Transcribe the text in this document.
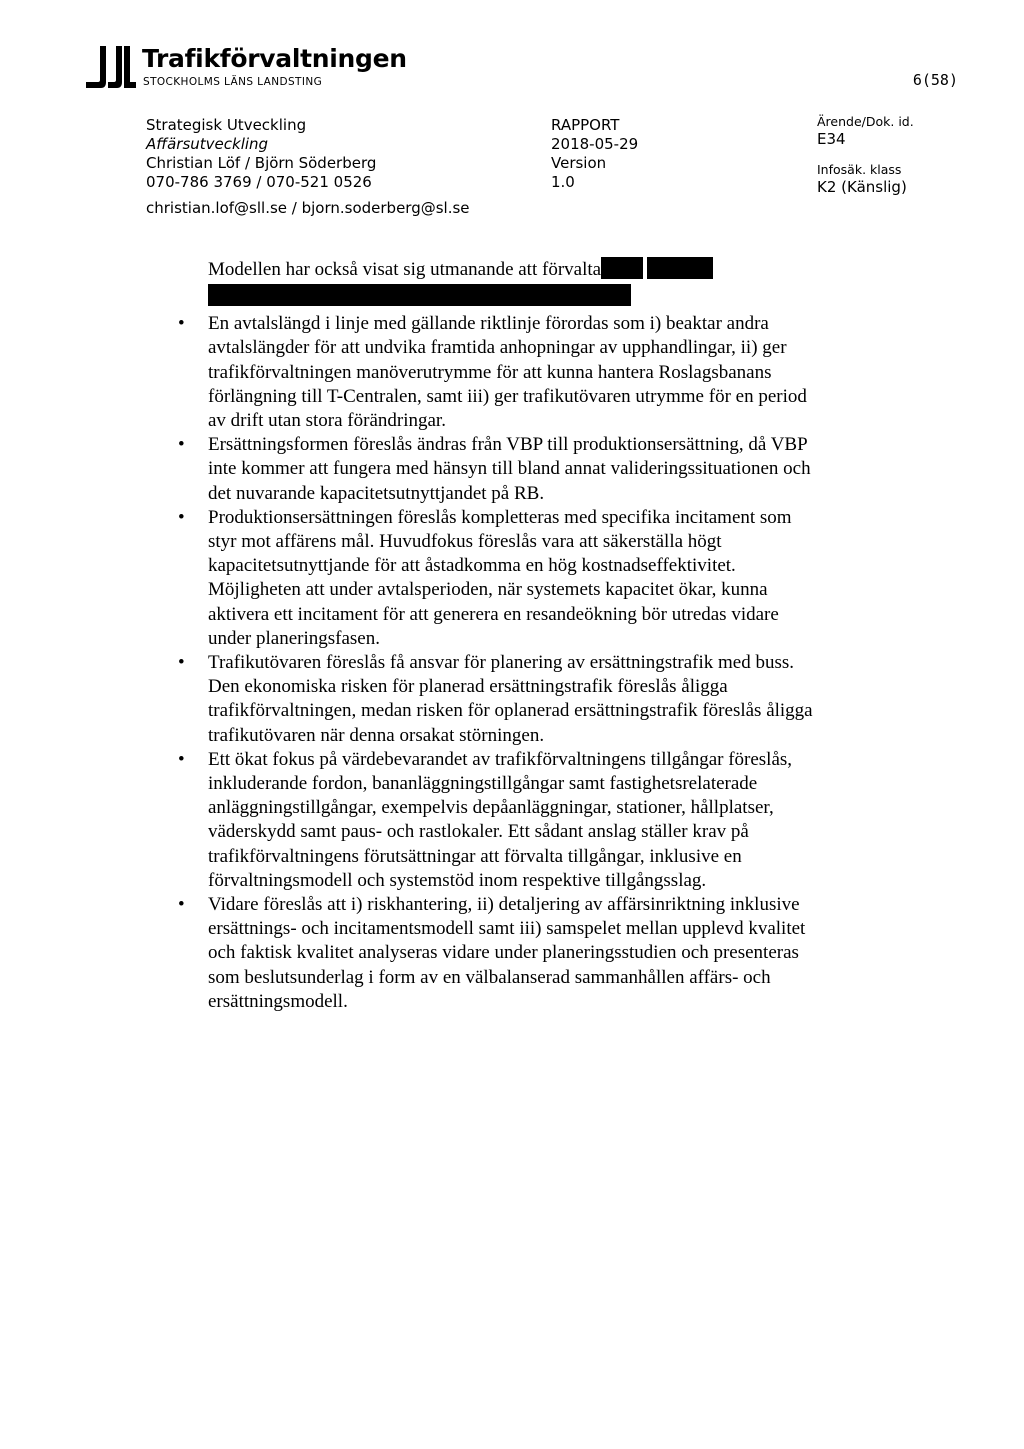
Trafikförvaltningen
STOCKHOLMS LÄNS LANDSTING	6(58)
Strategisk Utveckling
Affärsutveckling
Christian Löf / Björn Söderberg
070-786 3769 / 070-521 0526
christian.lof@sll.se / bjorn.soderberg@sl.se
RAPPORT
2018-05-29
Version
1.0
Ärende/Dok. id.
E34
Infosäk. klass
K2 (Känslig)
Modellen har också visat sig utmanande att förvalta
• En avtalslängd i linje med gällande riktlinje förordas som i) beaktar andra avtalslängder för att undvika framtida anhopningar av upphandlingar, ii) ger trafikförvaltningen manöverutrymme för att kunna hantera Roslagsbanans förlängning till T-Centralen, samt iii) ger trafikutövaren utrymme för en period av drift utan stora förändringar.
• Ersättningsformen föreslås ändras från VBP till produktionsersättning, då VBP inte kommer att fungera med hänsyn till bland annat valideringssituationen och det nuvarande kapacitetsutnyttjandet på RB.
• Produktionsersättningen föreslås kompletteras med specifika incitament som styr mot affärens mål. Huvudfokus föreslås vara att säkerställa högt kapacitetsutnyttjande för att åstadkomma en hög kostnadseffektivitet. Möjligheten att under avtalsperioden, när systemets kapacitet ökar, kunna aktivera ett incitament för att generera en resandeökning bör utredas vidare under planeringsfasen.
• Trafikutövaren föreslås få ansvar för planering av ersättningstrafik med buss. Den ekonomiska risken för planerad ersättningstrafik föreslås åligga trafikförvaltningen, medan risken för oplanerad ersättningstrafik föreslås åligga trafikutövaren när denna orsakat störningen.
• Ett ökat fokus på värdebevarandet av trafikförvaltningens tillgångar föreslås, inkluderande fordon, bananläggningstillgångar samt fastighetsrelaterade anläggningstillgångar, exempelvis depåanläggningar, stationer, hållplatser, väderskydd samt paus- och rastlokaler. Ett sådant anslag ställer krav på trafikförvaltningens förutsättningar att förvalta tillgångar, inklusive en förvaltningsmodell och systemstöd inom respektive tillgångsslag.
• Vidare föreslås att i) riskhantering, ii) detaljering av affärsinriktning inklusive ersättnings- och incitamentsmodell samt iii) samspelet mellan upplevd kvalitet och faktisk kvalitet analyseras vidare under planeringsstudien och presenteras som beslutsunderlag i form av en välbalanserad sammanhållen affärs- och ersättningsmodell.
